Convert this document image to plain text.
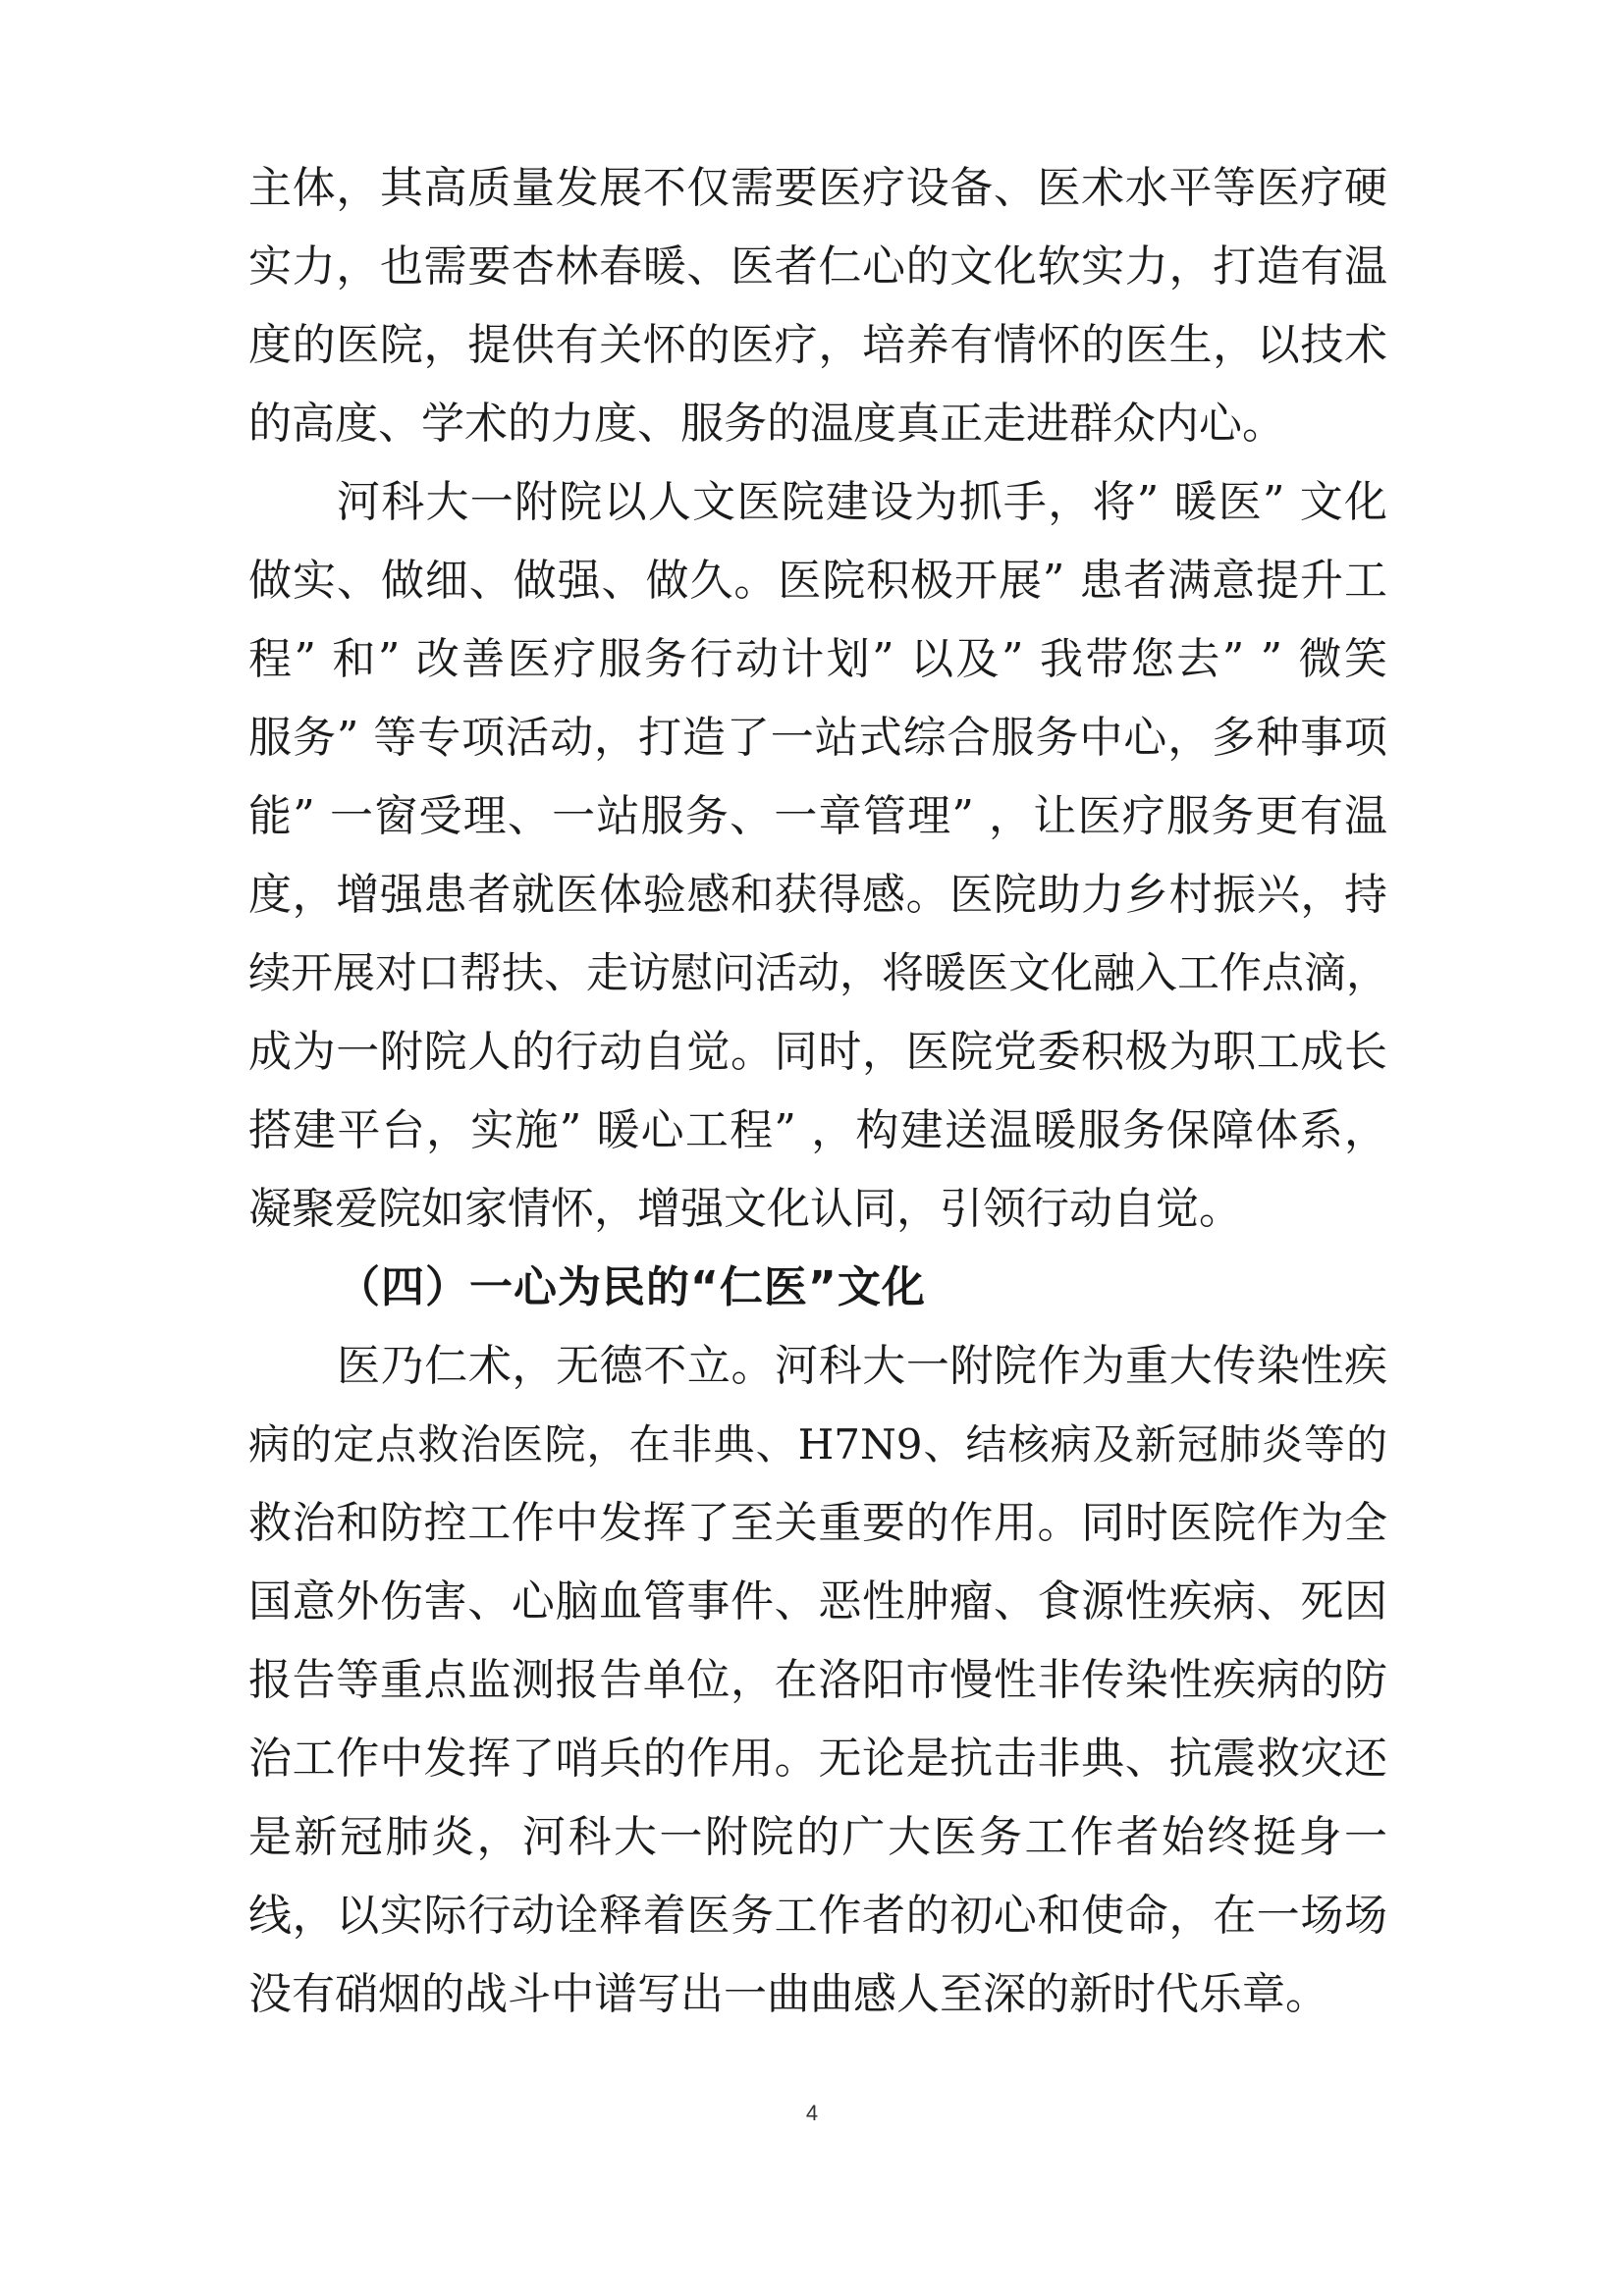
主体，其高质量发展不仅需要医疗设备、医术水平等医疗硬
实力，也需要杏林春暖、医者仁心的文化软实力，打造有温
度的医院，提供有关怀的医疗，培养有情怀的医生，以技术
的高度、学术的力度、服务的温度真正走进群众内心。
河科大一附院以人文医院建设为抓手，将” 暖医” 文化
做实、做细、做强、做久。医院积极开展” 患者满意提升工
程” 和” 改善医疗服务行动计划” 以及” 我带您去” ” 微笑
服务” 等专项活动，打造了一站式综合服务中心，多种事项
能” 一窗受理、一站服务、一章管理” ，让医疗服务更有温
度，增强患者就医体验感和获得感。医院助力乡村振兴，持
续开展对口帮扶、走访慰问活动，将暖医文化融入工作点滴，
成为一附院人的行动自觉。同时，医院党委积极为职工成长
搭建平台，实施” 暖心工程” ，构建送温暖服务保障体系，
凝聚爱院如家情怀，增强文化认同，引领行动自觉。
（四）一心为民的“仁医”文化
医乃仁术，无德不立。河科大一附院作为重大传染性疾
病的定点救治医院，在非典、H7N9、结核病及新冠肺炎等的
救治和防控工作中发挥了至关重要的作用。同时医院作为全
国意外伤害、心脑血管事件、恶性肿瘤、食源性疾病、死因
报告等重点监测报告单位，在洛阳市慢性非传染性疾病的防
治工作中发挥了哨兵的作用。无论是抗击非典、抗震救灾还
是新冠肺炎，河科大一附院的广大医务工作者始终挺身一
线，以实际行动诠释着医务工作者的初心和使命，在一场场
没有硝烟的战斗中谱写出一曲曲感人至深的新时代乐章。
4
